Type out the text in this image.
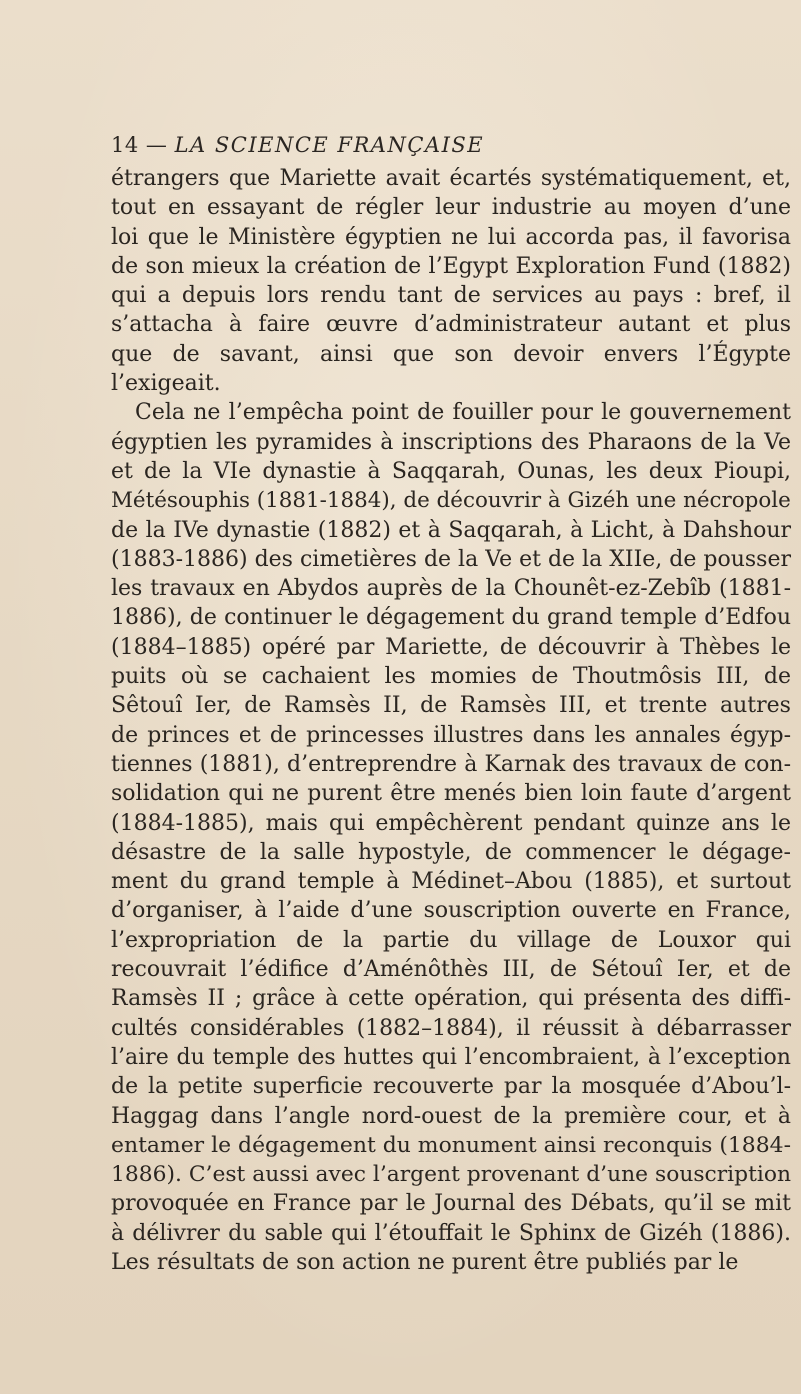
14 — LA SCIENCE FRANÇAISE
étrangers que Mariette avait écartés systématiquement, et,
tout en essayant de régler leur industrie au moyen d’une
loi que le Ministère égyptien ne lui accorda pas, il favorisa
de son mieux la création de l’Egypt Exploration Fund (1882)
qui a depuis lors rendu tant de services au pays : bref, il
s’attacha à faire œuvre d’administrateur autant et plus
que de savant, ainsi que son devoir envers l’Égypte
l’exigeait.
Cela ne l’empêcha point de fouiller pour le gouvernement
égyptien les pyramides à inscriptions des Pharaons de la Ve
et de la VIe dynastie à Saqqarah, Ounas, les deux Pioupi,
Métésouphis (1881-1884), de découvrir à Gizéh une nécropole
de la IVe dynastie (1882) et à Saqqarah, à Licht, à Dahshour
(1883-1886) des cimetières de la Ve et de la XIIe, de pousser
les travaux en Abydos auprès de la Chounêt-ez-Zebîb (1881-
1886), de continuer le dégagement du grand temple d’Edfou
(1884–1885) opéré par Mariette, de découvrir à Thèbes le
puits où se cachaient les momies de Thoutmôsis III, de
Sêtouî Ier, de Ramsès II, de Ramsès III, et trente autres
de princes et de princesses illustres dans les annales égyp-
tiennes (1881), d’entreprendre à Karnak des travaux de con-
solidation qui ne purent être menés bien loin faute d’argent
(1884-1885), mais qui empêchèrent pendant quinze ans le
désastre de la salle hypostyle, de commencer le dégage-
ment du grand temple à Médinet–Abou (1885), et surtout
d’organiser, à l’aide d’une souscription ouverte en France,
l’expropriation de la partie du village de Louxor qui
recouvrait l’édifice d’Aménôthès III, de Sétouî Ier, et de
Ramsès II ; grâce à cette opération, qui présenta des diffi-
cultés considérables (1882–1884), il réussit à débarrasser
l’aire du temple des huttes qui l’encombraient, à l’exception
de la petite superficie recouverte par la mosquée d’Abou’l-
Haggag dans l’angle nord-ouest de la première cour, et à
entamer le dégagement du monument ainsi reconquis (1884-
1886). C’est aussi avec l’argent provenant d’une souscription
provoquée en France par le Journal des Débats, qu’il se mit
à délivrer du sable qui l’étouffait le Sphinx de Gizéh (1886).
Les résultats de son action ne purent être publiés par le
